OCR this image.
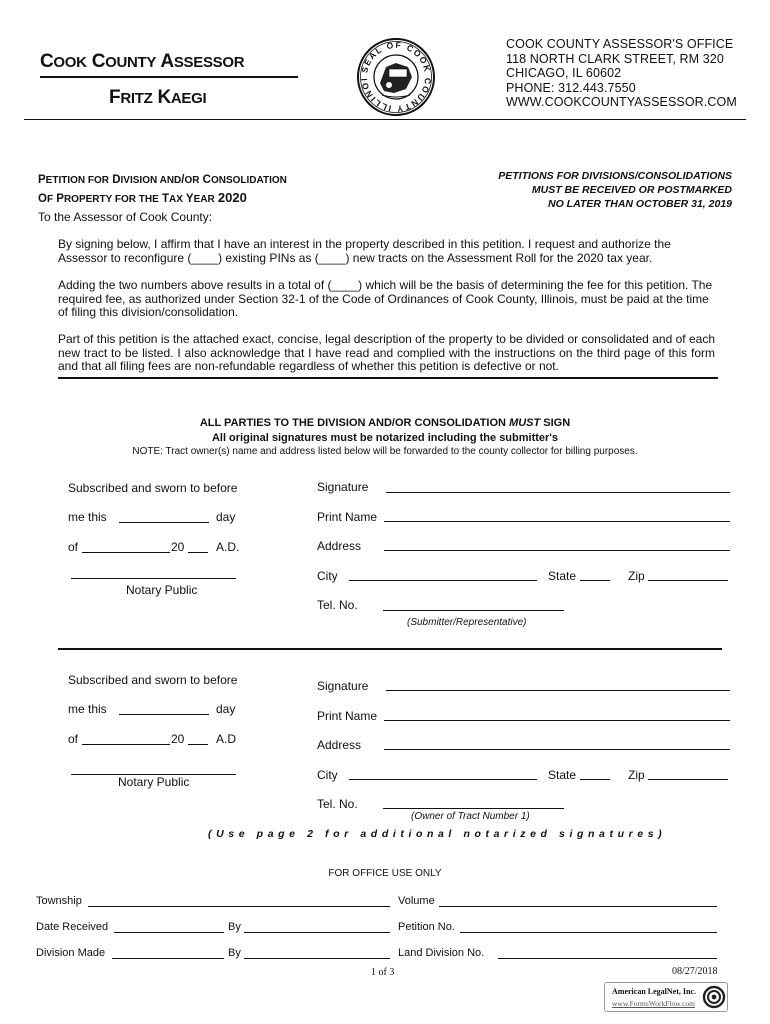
COOK COUNTY ASSESSOR
FRITZ KAEGI
SEAL OF COOK COUNTY ILLINOI
COOK COUNTY ASSESSOR'S OFFICE
118 NORTH CLARK STREET, RM 320
CHICAGO, IL 60602
PHONE: 312.443.7550
WWW.COOKCOUNTYASSESSOR.COM
PETITION FOR DIVISION AND/OR CONSOLIDATION
OF PROPERTY FOR THE TAX YEAR 2020
PETITIONS FOR DIVISIONS/CONSOLIDATIONS
MUST BE RECEIVED OR POSTMARKED
NO LATER THAN OCTOBER 31, 2019
To the Assessor of Cook County:

By signing below, I affirm that I have an interest in the property described in this petition. I request and authorize the Assessor to reconfigure (____) existing PINs as (____) new tracts on the Assessment Roll for the 2020 tax year.

Adding the two numbers above results in a total of (____) which will be the basis of determining the fee for this petition. The required fee, as authorized under Section 32-1 of the Code of Ordinances of Cook County, Illinois, must be paid at the time of filing this division/consolidation.

Part of this petition is the attached exact, concise, legal description of the property to be divided or consolidated and of each new tract to be listed. I also acknowledge that I have read and complied with the instructions on the third page of this form and that all filing fees are non-refundable regardless of whether this petition is defective or not.

ALL PARTIES TO THE DIVISION AND/OR CONSOLIDATION MUST SIGN
All original signatures must be notarized including the submitter's
NOTE: Tract owner(s) name and address listed below will be forwarded to the county collector for billing purposes.
Subscribed and sworn to before
me this	day
of	20	A.D.
Notary Public
Signature
Print Name
Address
City	State	Zip
Tel. No.
(Submitter/Representative)
Subscribed and sworn to before
me this	day
of	20	A.D
Notary Public
Signature
Print Name
Address
City	State	Zip
Tel. No.
(Owner of Tract Number 1)
(Use page 2 for additional notarized signatures)
FOR OFFICE USE ONLY
Township	Volume
Date Received	By	Petition No.
Division Made	By	Land Division No.
1 of 3	08/27/2018
American LegalNet, Inc.
www.FormsWorkFlow.com
